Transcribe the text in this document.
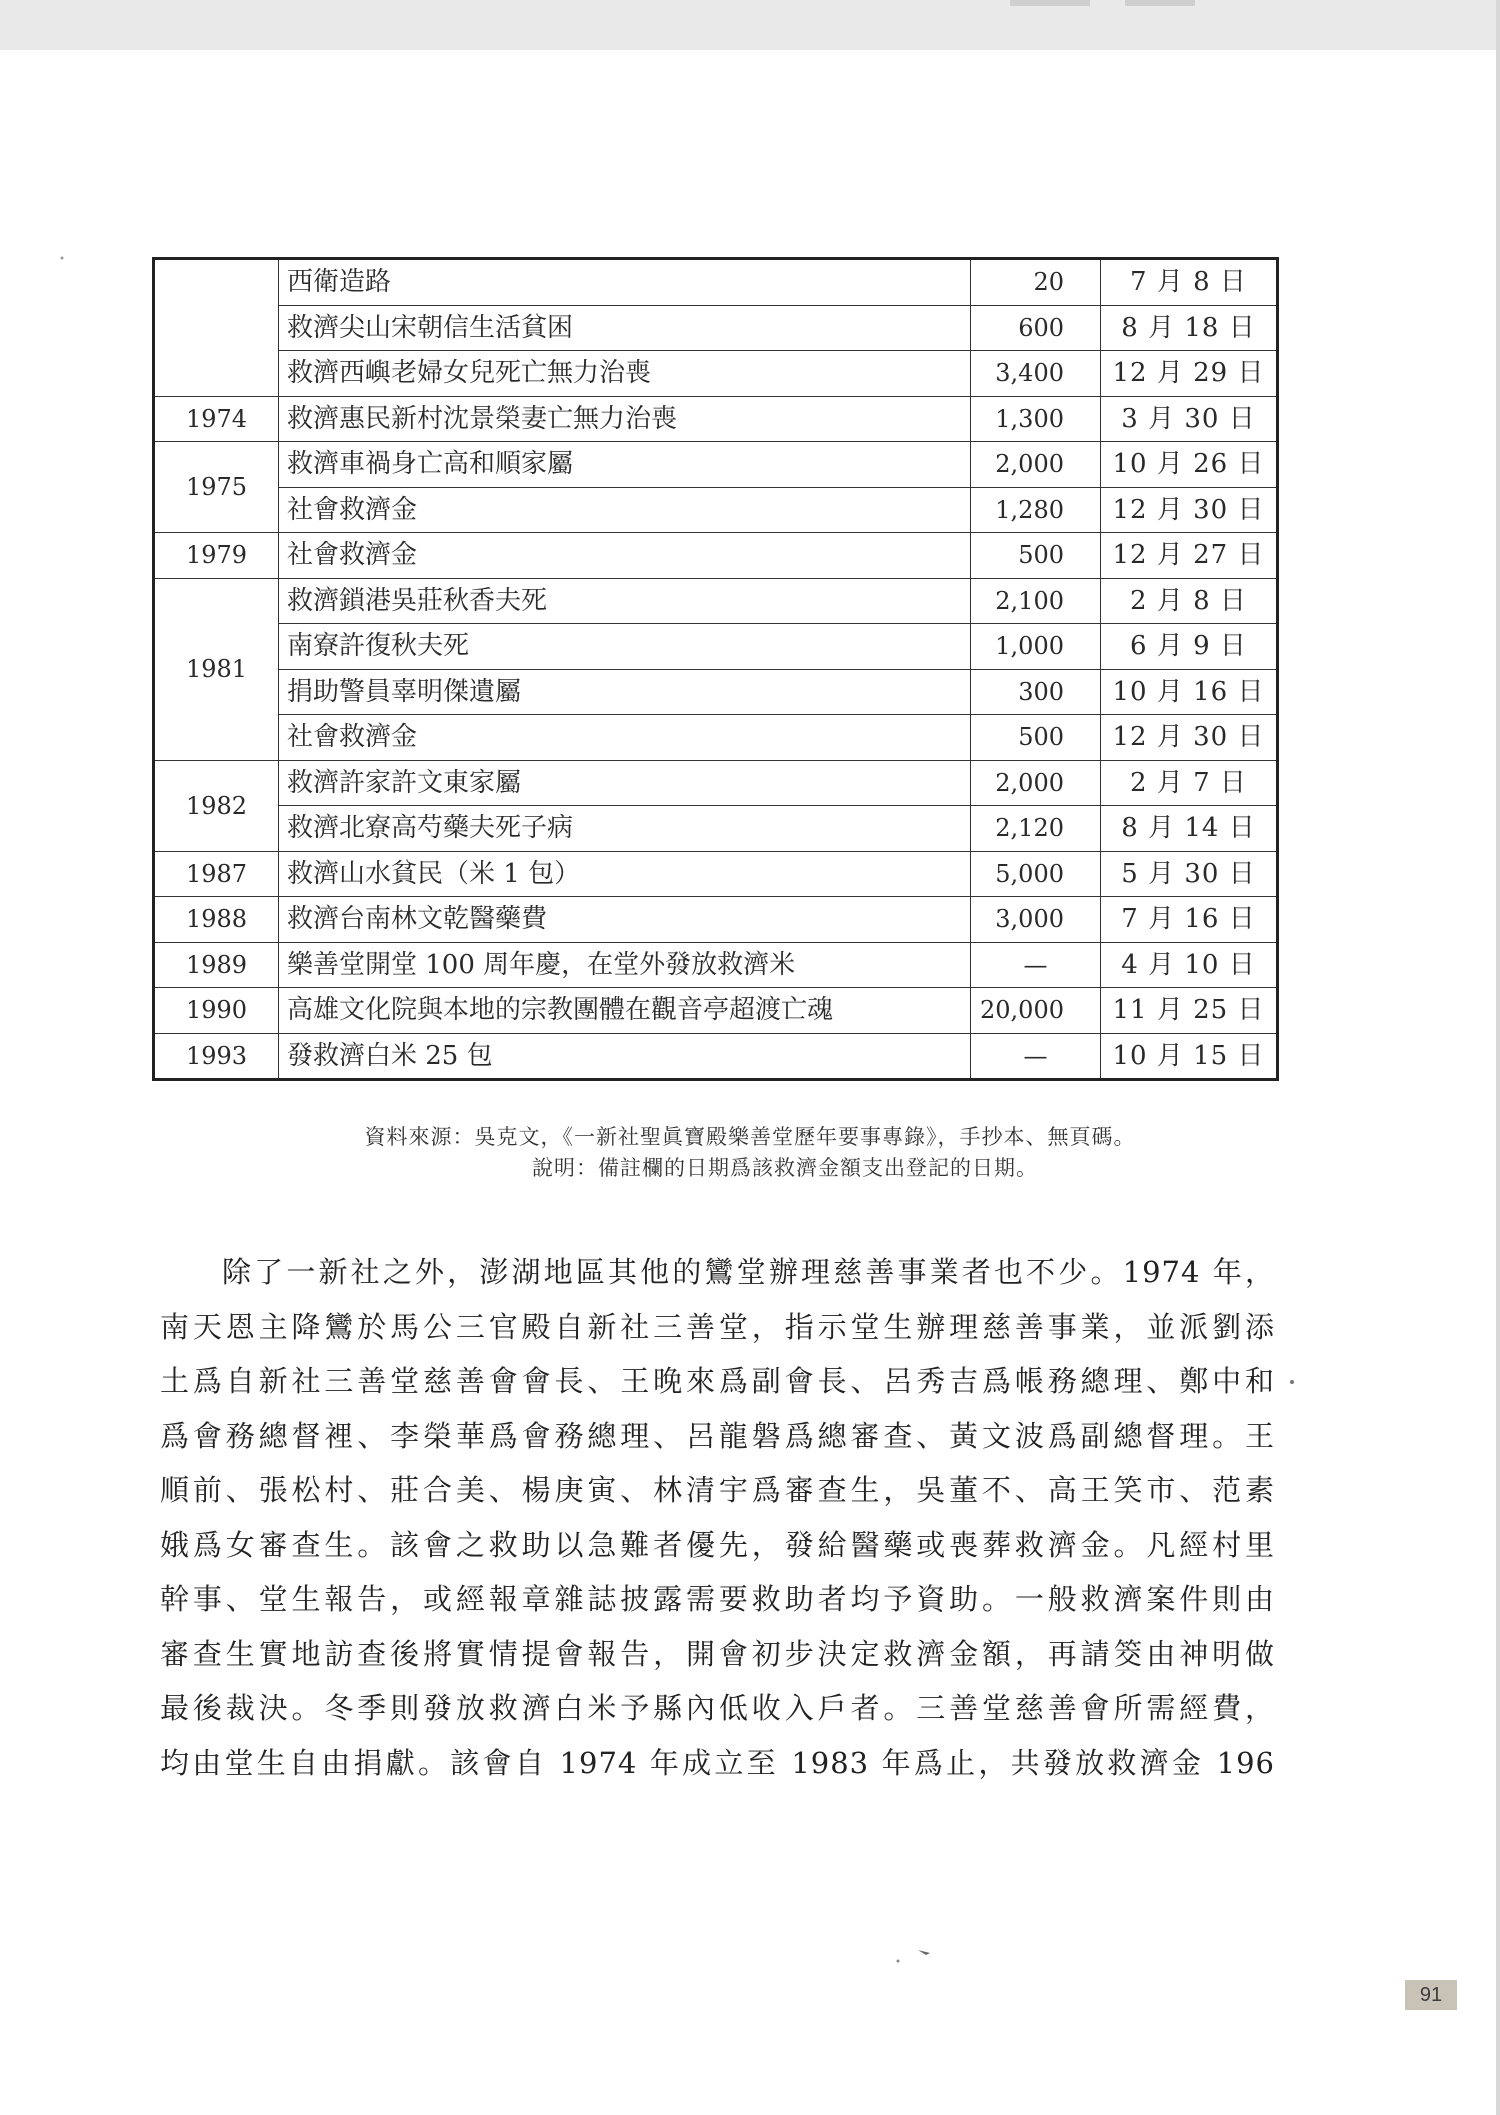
	西衛造路	20	7 月 8 日
	救濟尖山宋朝信生活貧困	600	8 月 18 日
	救濟西嶼老婦女兒死亡無力治喪	3,400	12 月 29 日
1974	救濟惠民新村沈景榮妻亡無力治喪	1,300	3 月 30 日
1975	救濟車禍身亡高和順家屬	2,000	10 月 26 日
	社會救濟金	1,280	12 月 30 日
1979	社會救濟金	500	12 月 27 日
1981	救濟鎖港吳莊秋香夫死	2,100	2 月 8 日
	南寮許復秋夫死	1,000	6 月 9 日
	捐助警員辜明傑遺屬	300	10 月 16 日
	社會救濟金	500	12 月 30 日
1982	救濟許家許文東家屬	2,000	2 月 7 日
	救濟北寮高芍藥夫死子病	2,120	8 月 14 日
1987	救濟山水貧民（米 1 包）	5,000	5 月 30 日
1988	救濟台南林文乾醫藥費	3,000	7 月 16 日
1989	樂善堂開堂 100 周年慶，在堂外發放救濟米	—	4 月 10 日
1990	高雄文化院與本地的宗教團體在觀音亭超渡亡魂	20,000	11 月 25 日
1993	發救濟白米 25 包	—	10 月 15 日
資料來源：吳克文，《一新社聖眞寶殿樂善堂歷年要事專錄》，手抄本、無頁碼。
說明：備註欄的日期爲該救濟金額支出登記的日期。
除了一新社之外，澎湖地區其他的鸞堂辦理慈善事業者也不少。1974 年，
南天恩主降鸞於馬公三官殿自新社三善堂，指示堂生辦理慈善事業，並派劉添
土爲自新社三善堂慈善會會長、王晚來爲副會長、呂秀吉爲帳務總理、鄭中和
爲會務總督裡、李榮華爲會務總理、呂龍磐爲總審查、黃文波爲副總督理。王
順前、張松村、莊合美、楊庚寅、林清宇爲審查生，吳董不、高王笑市、范素
娥爲女審查生。該會之救助以急難者優先，發給醫藥或喪葬救濟金。凡經村里
幹事、堂生報告，或經報章雜誌披露需要救助者均予資助。一般救濟案件則由
審查生實地訪查後將實情提會報告，開會初步決定救濟金額，再請筊由神明做
最後裁決。冬季則發放救濟白米予縣內低收入戶者。三善堂慈善會所需經費，
均由堂生自由捐獻。該會自 1974 年成立至 1983 年爲止，共發放救濟金 196
91
